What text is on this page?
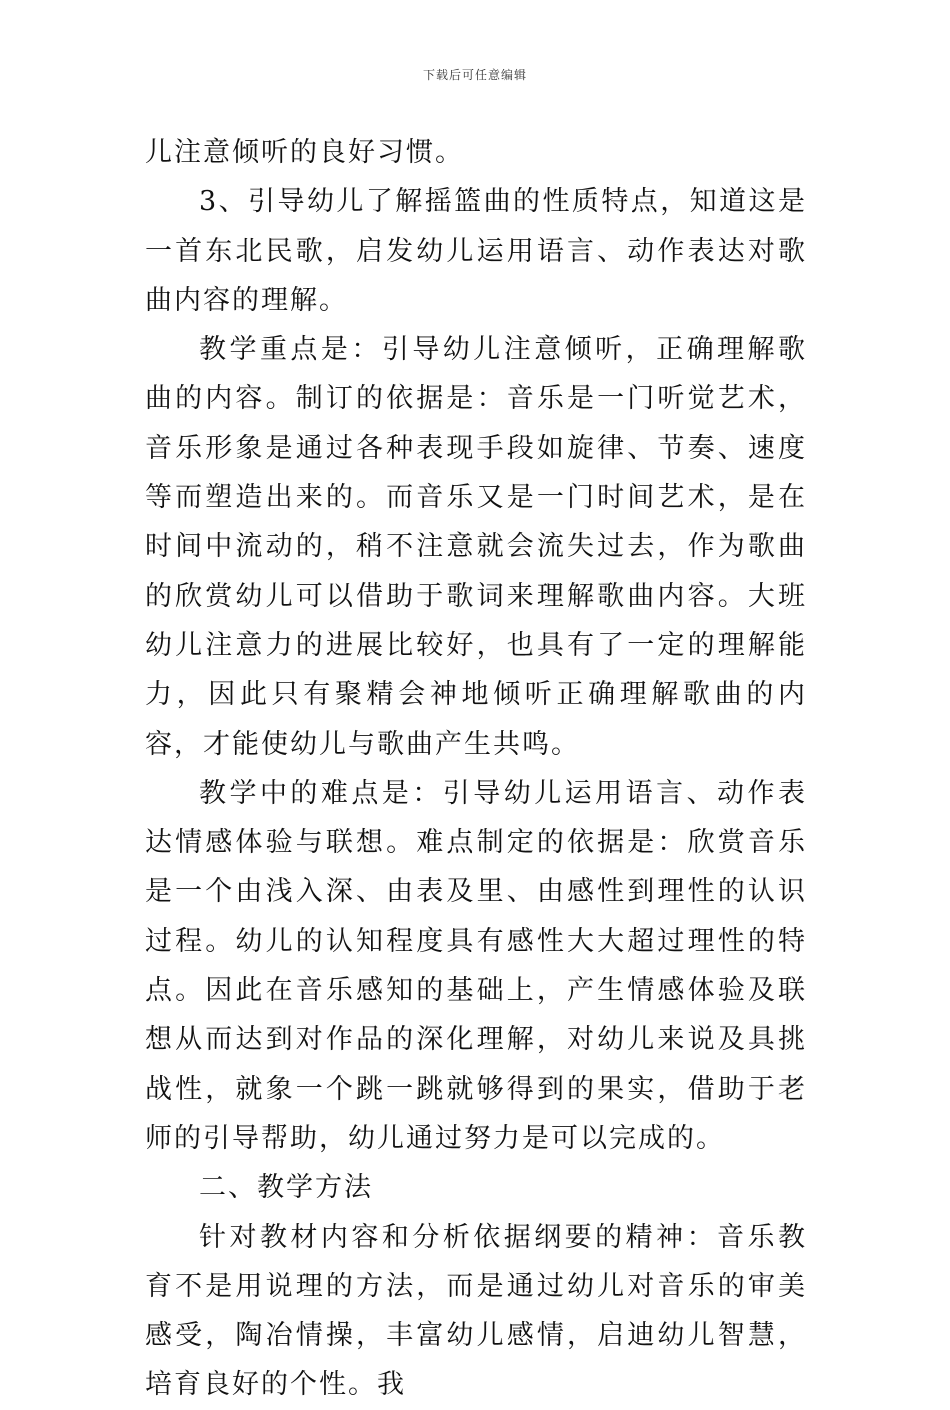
下载后可任意编辑

儿注意倾听的良好习惯。

3、引导幼儿了解摇篮曲的性质特点，知道这是一首东北民歌，启发幼儿运用语言、动作表达对歌曲内容的理解。

教学重点是：引导幼儿注意倾听，正确理解歌曲的内容。制订的依据是：音乐是一门听觉艺术，音乐形象是通过各种表现手段如旋律、节奏、速度等而塑造出来的。而音乐又是一门时间艺术，是在时间中流动的，稍不注意就会流失过去，作为歌曲的欣赏幼儿可以借助于歌词来理解歌曲内容。大班幼儿注意力的进展比较好，也具有了一定的理解能力，因此只有聚精会神地倾听正确理解歌曲的内容，才能使幼儿与歌曲产生共鸣。

教学中的难点是：引导幼儿运用语言、动作表达情感体验与联想。难点制定的依据是：欣赏音乐是一个由浅入深、由表及里、由感性到理性的认识过程。幼儿的认知程度具有感性大大超过理性的特点。因此在音乐感知的基础上，产生情感体验及联想从而达到对作品的深化理解，对幼儿来说及具挑战性，就象一个跳一跳就够得到的果实，借助于老师的引导帮助，幼儿通过努力是可以完成的。

二、教学方法

针对教材内容和分析依据纲要的精神：音乐教育不是用说理的方法，而是通过幼儿对音乐的审美感受，陶冶情操，丰富幼儿感情，启迪幼儿智慧，培育良好的个性。我
